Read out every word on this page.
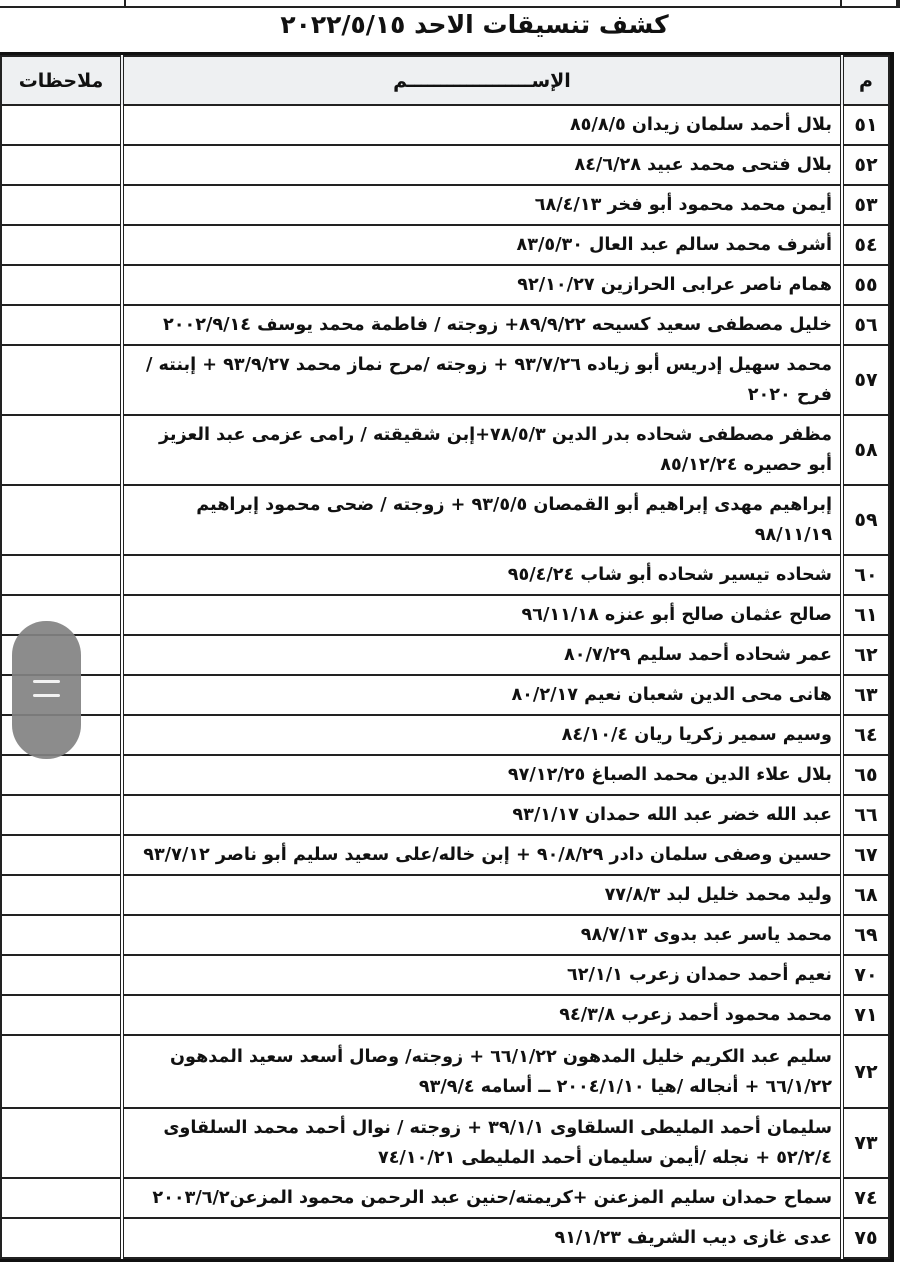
كشف تنسيقات الاحد ٢٠٢٢/٥/١٥
م	الإســـــــــــــــــــم	ملاحظات
٥١	بلال أحمد سلمان زيدان ٨٥/٨/٥	
٥٢	بلال فتحى محمد عبيد ٨٤/٦/٢٨	
٥٣	أيمن محمد محمود أبو فخر ٦٨/٤/١٣	
٥٤	أشرف محمد سالم عبد العال ٨٣/٥/٣٠	
٥٥	همام ناصر عرابى الحرازين ٩٢/١٠/٢٧	
٥٦	خليل مصطفى سعيد كسيحه ٨٩/٩/٢٢+ زوجته / فاطمة محمد يوسف ٢٠٠٢/٩/١٤	
٥٧	محمد سهيل إدريس أبو زياده ٩٣/٧/٢٦ + زوجته /مرح نماز محمد ٩٣/٩/٢٧ + إبنته / فرح ٢٠٢٠	
٥٨	مظفر مصطفى شحاده بدر الدين ٧٨/٥/٣+إبن شقيقته / رامى عزمى عبد العزيز أبو حصيره ٨٥/١٢/٢٤	
٥٩	إبراهيم مهدى إبراهيم أبو القمصان ٩٣/٥/٥ + زوجته / ضحى محمود إبراهيم ٩٨/١١/١٩	
٦٠	شحاده تيسير شحاده أبو شاب ٩٥/٤/٢٤	
٦١	صالح عثمان صالح أبو عنزه ٩٦/١١/١٨	
٦٢	عمر شحاده أحمد سليم ٨٠/٧/٢٩	
٦٣	هانى محى الدين شعبان نعيم ٨٠/٢/١٧	
٦٤	وسيم سمير زكريا ريان ٨٤/١٠/٤	
٦٥	بلال علاء الدين محمد الصباغ ٩٧/١٢/٢٥	
٦٦	عبد الله خضر عبد الله حمدان ٩٣/١/١٧	
٦٧	حسين وصفى سلمان دادر ٩٠/٨/٢٩ + إبن خاله/على سعيد سليم أبو ناصر ٩٣/٧/١٢	
٦٨	وليد محمد خليل لبد ٧٧/٨/٣	
٦٩	محمد ياسر عبد بدوى ٩٨/٧/١٣	
٧٠	نعيم أحمد حمدان زعرب ٦٢/١/١	
٧١	محمد محمود أحمد زعرب ٩٤/٣/٨	
٧٢	سليم عبد الكريم خليل المدهون ٦٦/١/٢٢ + زوجته/ وصال أسعد سعيد المدهون ٦٦/١/٢٢ + أنجاله /هيا ٢٠٠٤/١/١٠ ــ أسامه ٩٣/٩/٤	
٧٣	سليمان أحمد المليطى السلقاوى ٣٩/١/١ + زوجته / نوال أحمد محمد السلقاوى ٥٢/٢/٤ + نجله /أيمن سليمان أحمد المليطى ٧٤/١٠/٢١	
٧٤	سماح حمدان سليم المزعنن +كريمته/حنين عبد الرحمن محمود المزعن٢٠٠٣/٦/٢	
٧٥	عدى غازى ديب الشريف ٩١/١/٢٣	
